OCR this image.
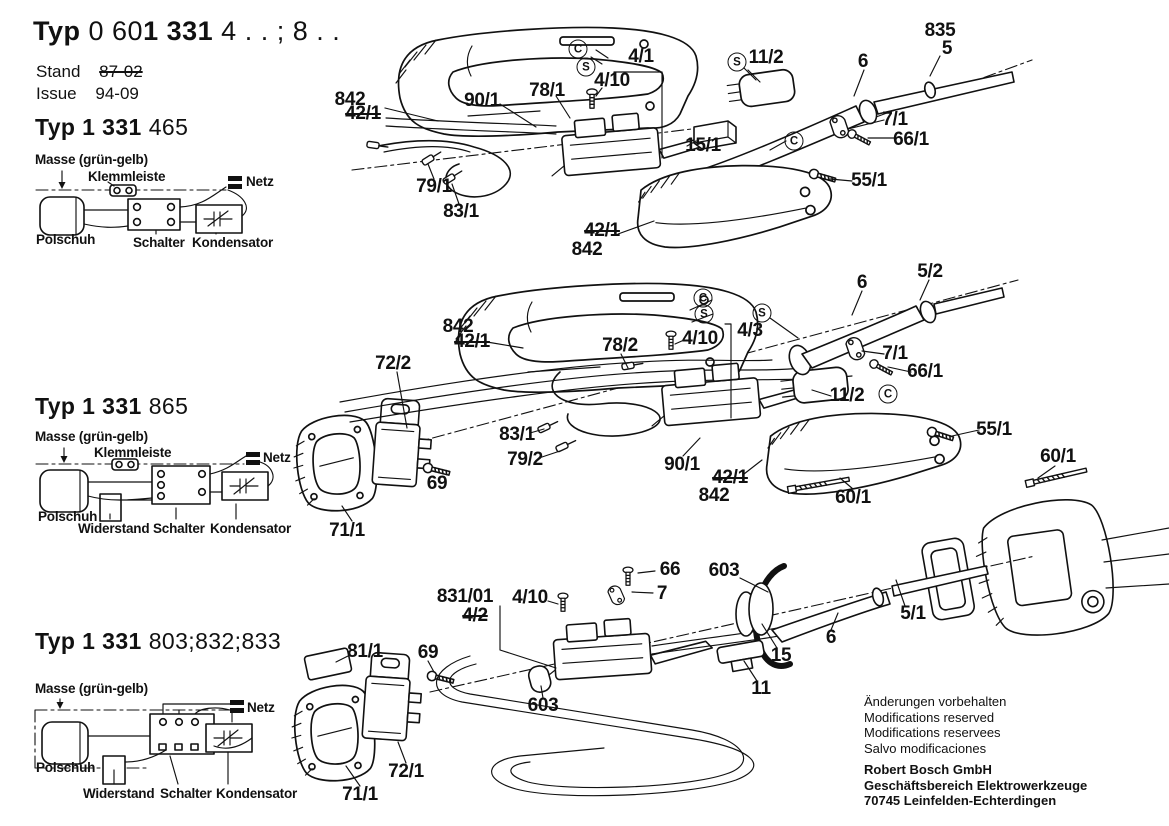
Typ 0 601 331 4 . . ; 8 . .
Stand 87-02
Issue 94-09
Typ 1 331 465
Masse (grün-gelb)
Klemmleiste	Netz
Polschuh	Schalter Kondensator
Typ 1 331 865
Masse (grün-gelb)
Klemmleiste	Netz
Polschuh
Widerstand Schalter Kondensator
Typ 1 331 803;832;833
Masse (grün-gelb)
Netz
Polschuh
Widerstand Schalter Kondensator
835
5
6
11/2
S
4/1
4/10
78/1
90/1
842
42/1
C
S
7/1
66/1
15/1	C
55/1
79/1
83/1
42/1
842
842
42/1
72/2
78/2 4/10 4/3
C
S	S
6
5/2
7/1
66/1
11/2	C
55/1
60/1
60/1
83/1
79/2
69
90/1
42/1
842
71/1
831/01
4/2
4/10
66
7
603
15
11
5/1
6
81/1 69
603
72/1
71/1
Änderungen vorbehalten
Modifications reserved
Modifications reservees
Salvo modificaciones
Robert Bosch GmbH
Geschäftsbereich Elektrowerkzeuge
70745 Leinfelden-Echterdingen
